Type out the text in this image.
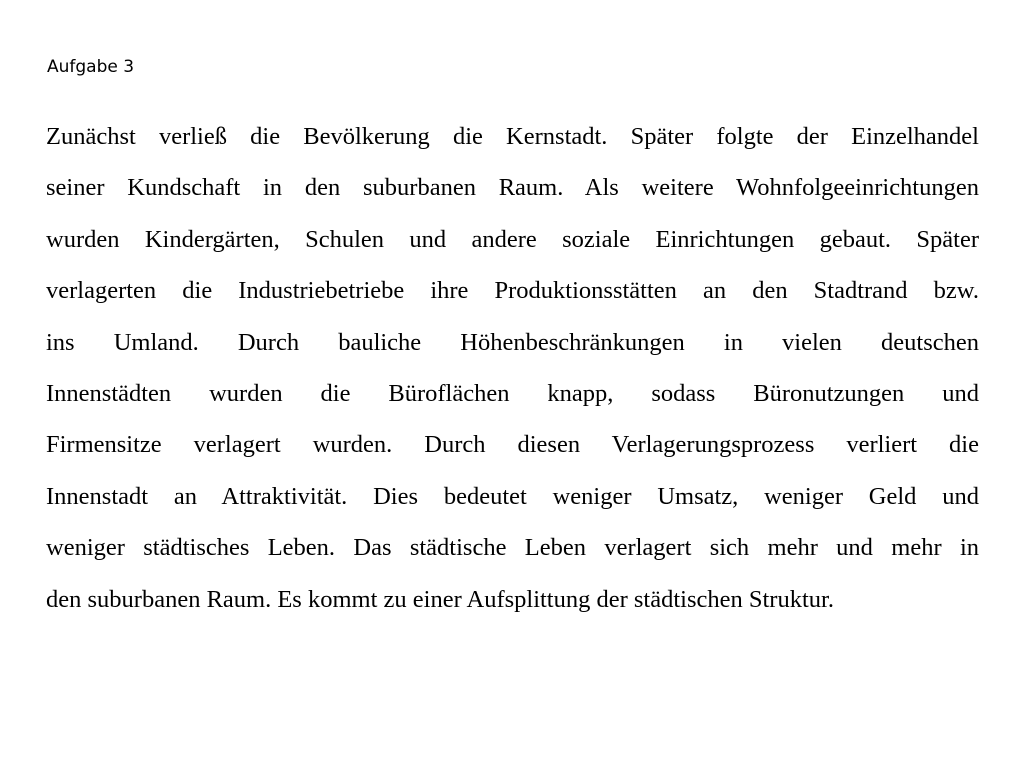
Aufgabe 3
Zunächst verließ die Bevölkerung die Kernstadt. Später folgte der Einzelhandel
seiner Kundschaft in den suburbanen Raum. Als weitere Wohnfolgeeinrichtungen
wurden Kindergärten, Schulen und andere soziale Einrichtungen gebaut. Später
verlagerten die Industriebetriebe ihre Produktionsstätten an den Stadtrand bzw.
ins Umland. Durch bauliche Höhenbeschränkungen in vielen deutschen
Innenstädten wurden die Büroflächen knapp, sodass Büronutzungen und
Firmensitze verlagert wurden. Durch diesen Verlagerungsprozess verliert die
Innenstadt an Attraktivität. Dies bedeutet weniger Umsatz, weniger Geld und
weniger städtisches Leben. Das städtische Leben verlagert sich mehr und mehr in
den suburbanen Raum. Es kommt zu einer Aufsplittung der städtischen Struktur.
